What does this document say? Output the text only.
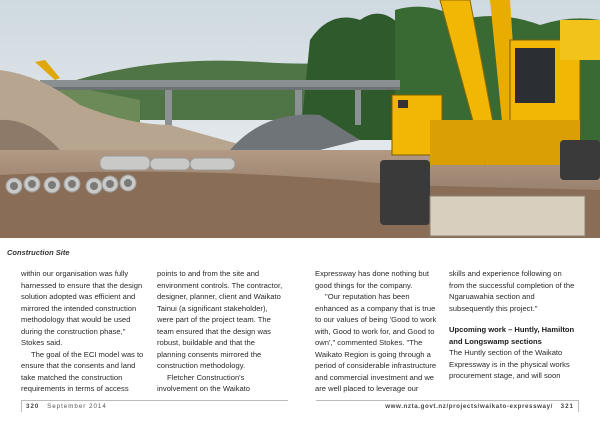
Construction Site

within our organisation was fully harnessed to ensure that the design solution adopted was efficient and mirrored the intended construction methodology that would be used during the construction phase," Stokes said.

The goal of the ECI model was to ensure that the consents and land take matched the construction requirements in terms of access

points to and from the site and environment controls. The contractor, designer, planner, client and Waikato Tainui (a significant stakeholder), were part of the project team. The team ensured that the design was robust, buildable and that the planning consents mirrored the construction methodology.

Fletcher Construction's involvement on the Waikato

Expressway has done nothing but good things for the company.

"Our reputation has been enhanced as a company that is true to our values of being 'Good to work with, Good to work for, and Good to own'," commented Stokes. "The Waikato Region is going through a period of considerable infrastructure and commercial investment and we are well placed to leverage our

skills and experience following on from the successful completion of the Ngaruawahia section and subsequently this project."

Upcoming work – Huntly, Hamilton and Longswamp sections

The Huntly section of the Waikato Expressway is in the physical works procurement stage, and will soon

320 September 2014	www.nzta.govt.nz/projects/waikato-expressway/ 321
